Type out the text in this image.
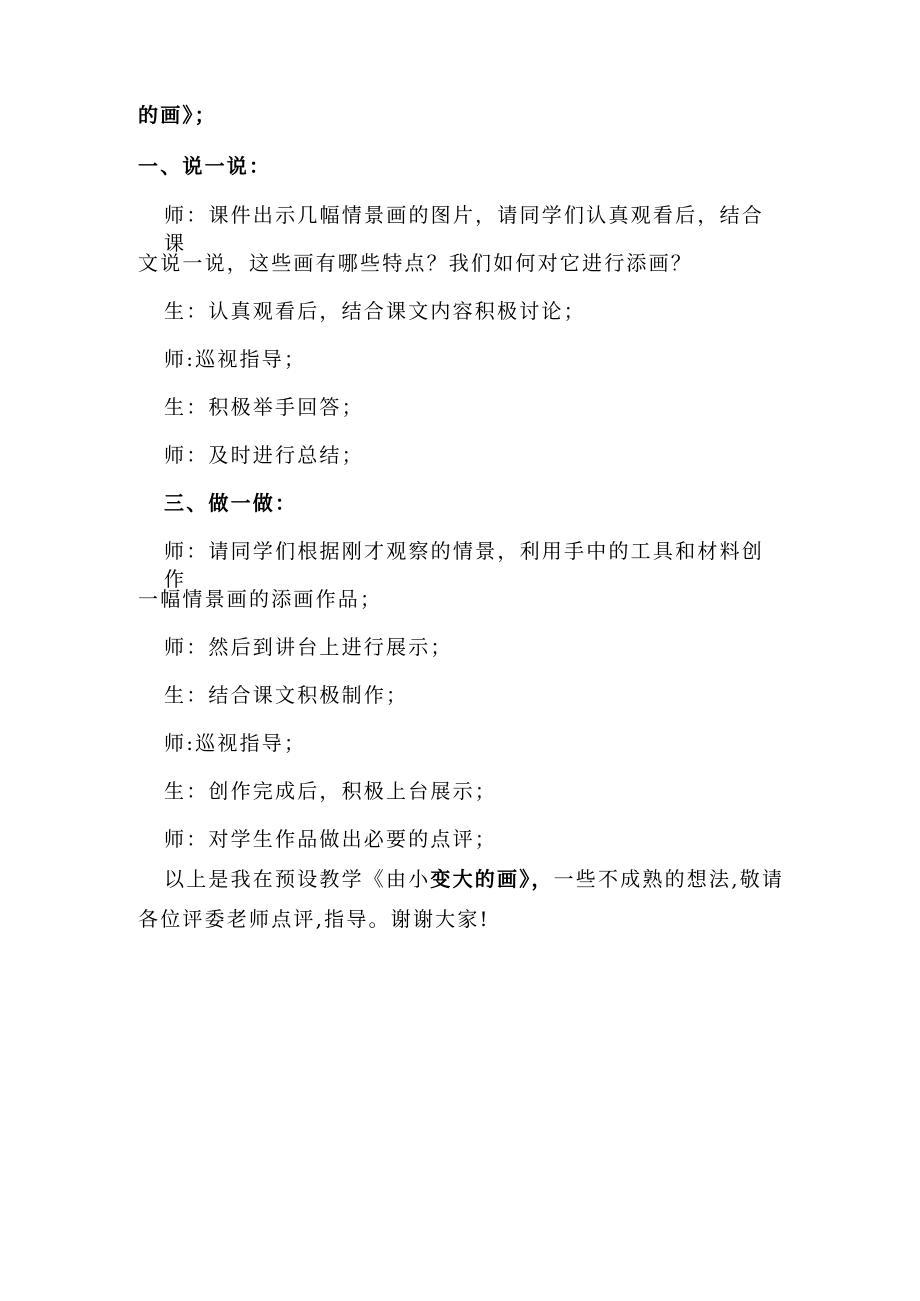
的画》；
一、说一说：
师：课件出示几幅情景画的图片，请同学们认真观看后，结合课
文说一说，这些画有哪些特点？我们如何对它进行添画？
生：认真观看后，结合课文内容积极讨论；
师:巡视指导；
生：积极举手回答；
师：及时进行总结；
三、做一做：
师：请同学们根据刚才观察的情景，利用手中的工具和材料创作
一幅情景画的添画作品；
师：然后到讲台上进行展示；
生：结合课文积极制作；
师:巡视指导；
生：创作完成后，积极上台展示；
师：对学生作品做出必要的点评；
以上是我在预设教学《由小变大的画》，一些不成熟的想法,敬请
各位评委老师点评,指导。谢谢大家!
